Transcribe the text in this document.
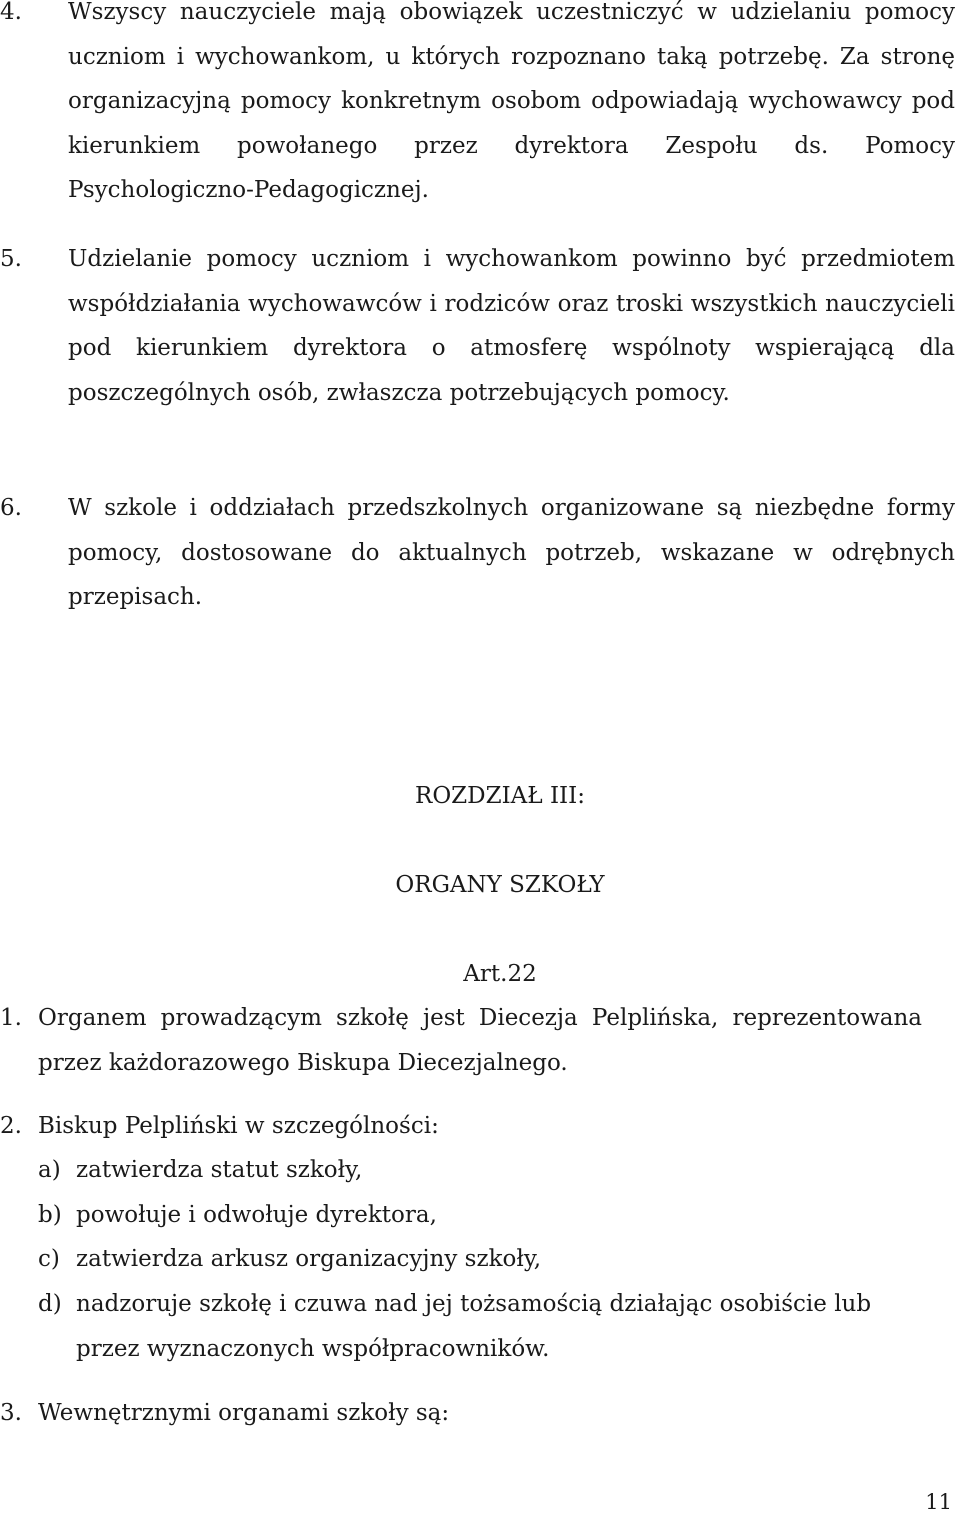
4. Wszyscy nauczyciele mają obowiązek uczestniczyć w udzielaniu pomocy uczniom i wychowankom, u których rozpoznano taką potrzebę. Za stronę organizacyjną pomocy konkretnym osobom odpowiadają wychowawcy pod kierunkiem powołanego przez dyrektora Zespołu ds. Pomocy Psychologiczno-Pedagogicznej.
5. Udzielanie pomocy uczniom i wychowankom powinno być przedmiotem współdziałania wychowawców i rodziców oraz troski wszystkich nauczycieli pod kierunkiem dyrektora o atmosferę wspólnoty wspierającą dla poszczególnych osób, zwłaszcza potrzebujących pomocy.
6. W szkole i oddziałach przedszkolnych organizowane są niezbędne formy pomocy, dostosowane do aktualnych potrzeb, wskazane w odrębnych przepisach.

ROZDZIAŁ III:

ORGANY SZKOŁY

Art.22

1. Organem prowadzącym szkołę jest Diecezja Pelplińska, reprezentowana przez każdorazowego Biskupa Diecezjalnego.
2. Biskup Pelpliński w szczególności:
a) zatwierdza statut szkoły,
b) powołuje i odwołuje dyrektora,
c) zatwierdza arkusz organizacyjny szkoły,
d) nadzoruje szkołę i czuwa nad jej tożsamością działając osobiście lub przez wyznaczonych współpracowników.
3. Wewnętrznymi organami szkoły są:
11
